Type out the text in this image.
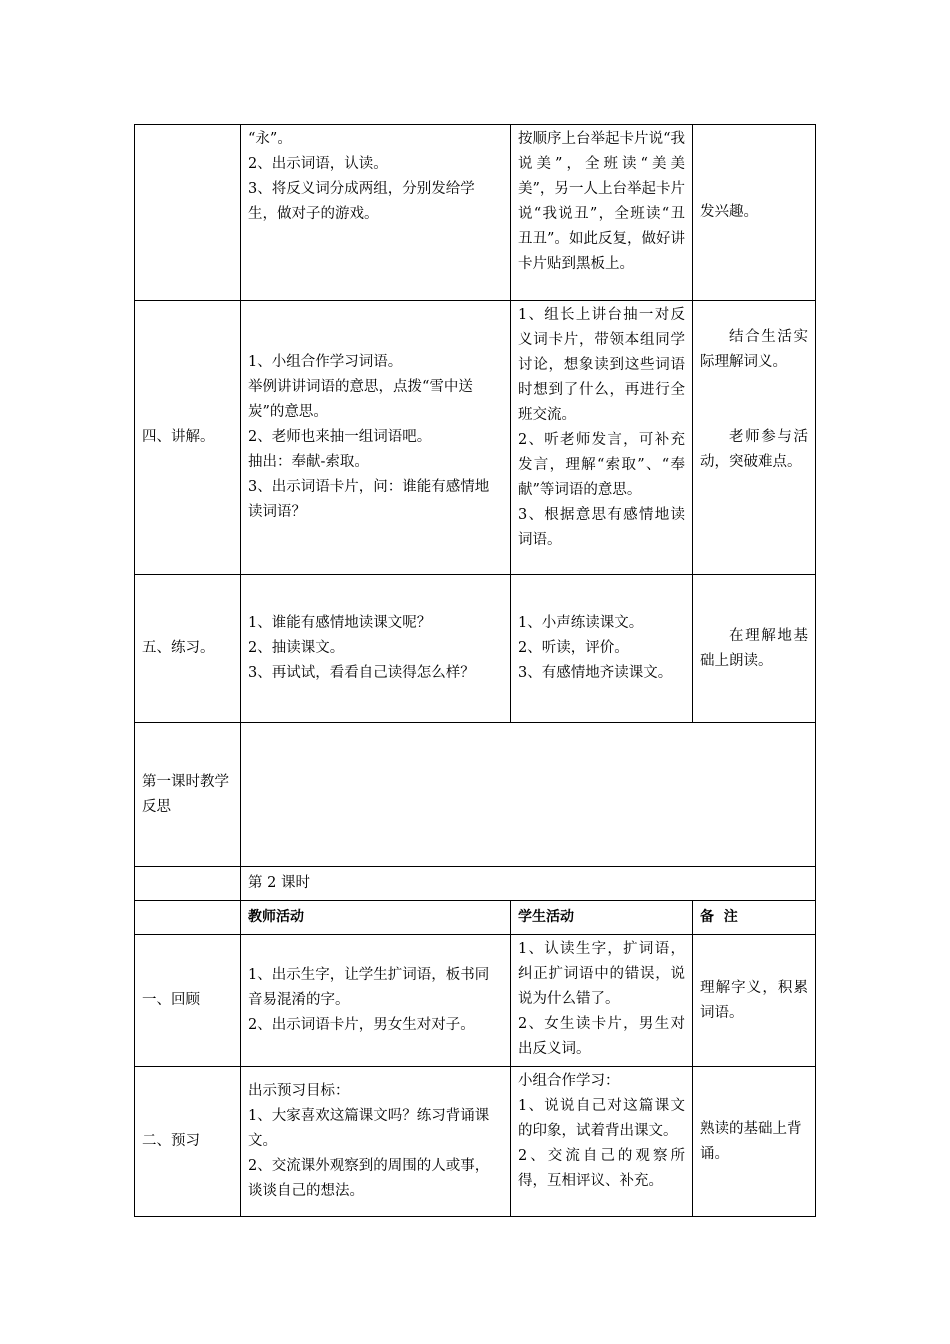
	“永”。
2、出示词语，认读。
3、将反义词分成两组，分别发给学生，做对子的游戏。	按顺序上台举起卡片说“我说美”，全班读“美美美”，另一人上台举起卡片说“我说丑”，全班读“丑丑丑”。如此反复，做好讲卡片贴到黑板上。	发兴趣。

四、讲解。	1、小组合作学习词语。
举例讲讲词语的意思，点拨“雪中送炭”的意思。
2、老师也来抽一组词语吧。
抽出：奉献-索取。
3、出示词语卡片，问：谁能有感情地读词语？	1、组长上讲台抽一对反义词卡片，带领本组同学讨论，想象读到这些词语时想到了什么，再进行全班交流。
2、听老师发言，可补充发言，理解“索取”、“奉献”等词语的意思。
3、根据意思有感情地读词语。	结合生活实际理解词义。
老师参与活动，突破难点。

五、练习。	1、谁能有感情地读课文呢？
2、抽读课文。
3、再试试，看看自己读得怎么样？	1、小声练读课文。
2、听读，评价。
3、有感情地齐读课文。	在理解地基础上朗读。

第一课时教学反思			
	第 2 课时		
	教师活动	学生活动	备  注
一、回顾	1、出示生字，让学生扩词语，板书同音易混淆的字。
2、出示词语卡片，男女生对对子。	1、认读生字，扩词语，纠正扩词语中的错误，说说为什么错了。
2、女生读卡片，男生对出反义词。	理解字义，积累词语。

二、预习	出示预习目标：
1、大家喜欢这篇课文吗？练习背诵课文。
2、交流课外观察到的周围的人或事，谈谈自己的想法。	小组合作学习：
1、说说自己对这篇课文的印象，试着背出课文。
2、交流自己的观察所得，互相评议、补充。	熟读的基础上背诵。
